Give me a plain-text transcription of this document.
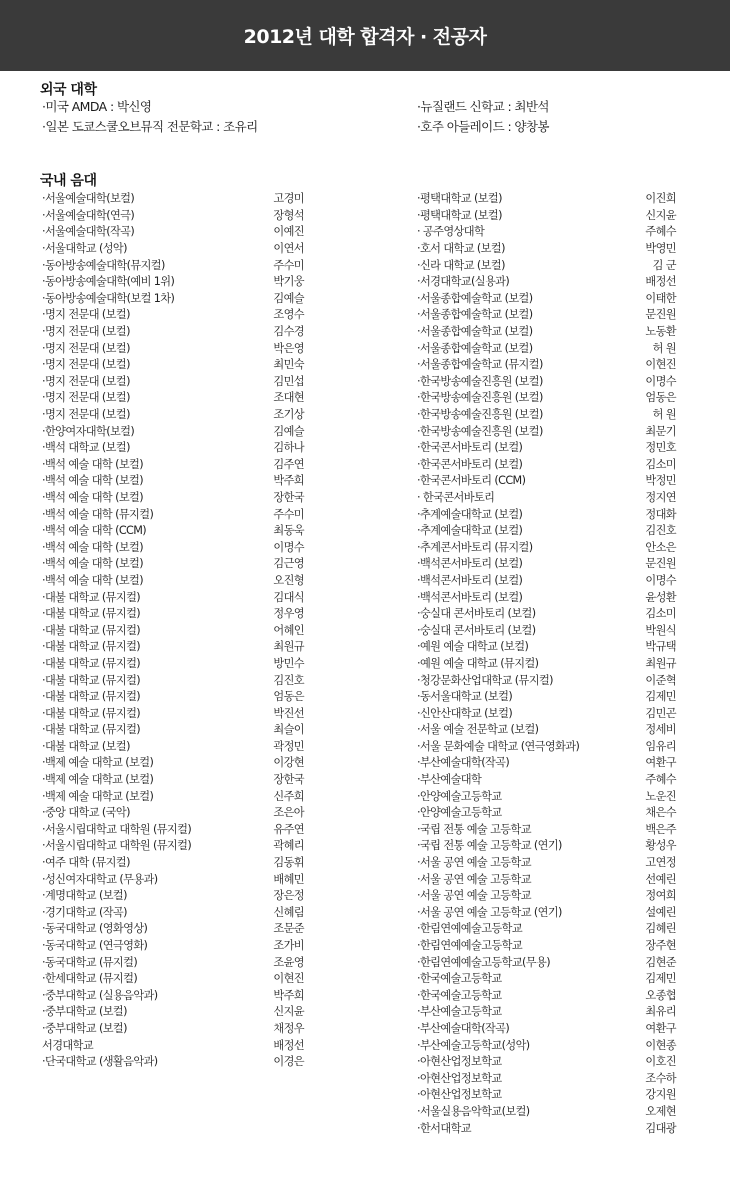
2012년 대학 합격자 · 전공자
외국 대학
·미국 AMDA : 박신영	·뉴질랜드 신학교 : 최반석
·일본 도쿄스쿨오브뮤직 전문학교 : 조유리	·호주 아들레이드 : 양창봉
국내 음대
·서울예술대학(보컬)	고경미
·서울예술대학(연극)	장형석
·서울예술대학(작곡)	이예진
·서울대학교 (성악)	이연서
·동아방송예술대학(뮤지컬)	주수미
·동아방송예술대학(예비 1위)	박기웅
·동아방송예술대학(보컬 1차)	김예슬
·명지 전문대 (보컬)	조영수
·명지 전문대 (보컬)	김수경
·명지 전문대 (보컬)	박은영
·명지 전문대 (보컬)	최민숙
·명지 전문대 (보컬)	김민섭
·명지 전문대 (보컬)	조대현
·명지 전문대 (보컬)	조기상
·한양여자대학(보컬)	김예슬
·백석 대학교 (보컬)	김하나
·백석 예술 대학 (보컬)	김주연
·백석 예술 대학 (보컬)	박주희
·백석 예술 대학 (보컬)	장한국
·백석 예술 대학 (뮤지컬)	주수미
·백석 예술 대학 (CCM)	최동욱
·백석 예술 대학 (보컬)	이명수
·백석 예술 대학 (보컬)	김근영
·백석 예술 대학 (보컬)	오진형
·대불 대학교 (뮤지컬)	김대식
·대불 대학교 (뮤지컬)	정우영
·대불 대학교 (뮤지컬)	어혜인
·대불 대학교 (뮤지컬)	최원규
·대불 대학교 (뮤지컬)	방민수
·대불 대학교 (뮤지컬)	김진호
·대불 대학교 (뮤지컬)	엄동은
·대불 대학교 (뮤지컬)	박진선
·대불 대학교 (뮤지컬)	최슬이
·대불 대학교 (보컬)	곽정민
·백제 예술 대학교 (보컬)	이강현
·백제 예술 대학교 (보컬)	장한국
·백제 예술 대학교 (보컬)	신주희
·중앙 대학교 (국악)	조은아
·서울시립대학교 대학원 (뮤지컬)	유주연
·서울시립대학교 대학원 (뮤지컬)	곽혜리
·여주 대학 (뮤지컬)	김동휘
·성신여자대학교 (무용과)	배혜민
·계명대학교 (보컬)	장은정
·경기대학교 (작곡)	신혜림
·동국대학교 (영화영상)	조문준
·동국대학교 (연극영화)	조가비
·동국대학교 (뮤지컬)	조윤영
·한세대학교 (뮤지컬)	이현진
·중부대학교 (실용음악과)	박주희
·중부대학교 (보컬)	신지윤
·중부대학교 (보컬)	채정우
서경대학교	배정선
·단국대학교 (생활음악과)	이경은
·평택대학교 (보컬)	이진희
·평택대학교 (보컬)	신지윤
· 공주영상대학	주혜수
·호서 대학교 (보컬)	박영민
·신라 대학교 (보컬)	김 군
·서경대학교(실용과)	배정선
·서울종합예술학교 (보컬)	이태한
·서울종합예술학교 (보컬)	문진원
·서울종합예술학교 (보컬)	노동환
·서울종합예술학교 (보컬)	허 원
·서울종합예술학교 (뮤지컬)	이현진
·한국방송예술진흥원 (보컬)	이명수
·한국방송예술진흥원 (보컬)	엄동은
·한국방송예술진흥원 (보컬)	허 원
·한국방송예술진흥원 (보컬)	최문기
·한국콘서바토리 (보컬)	정민호
·한국콘서바토리 (보컬)	김소미
·한국콘서바토리 (CCM)	박정민
· 한국콘서바토리	정지연
·추계예술대학교 (보컬)	정대화
·추계예술대학교 (보컬)	김진호
·추계콘서바토리 (뮤지컬)	안소은
·백석콘서바토리 (보컬)	문진원
·백석콘서바토리 (보컬)	이명수
·백석콘서바토리 (보컬)	윤성환
·숭실대 콘서바토리 (보컬)	김소미
·숭실대 콘서바토리 (보컬)	박원식
·예원 예술 대학교 (보컬)	박규택
·예원 예술 대학교 (뮤지컬)	최원규
·청강문화산업대학교 (뮤지컬)	이준혁
·동서울대학교 (보컬)	김제민
·신안산대학교 (보컬)	김민곤
·서울 예술 전문학교 (보컬)	정세비
·서울 문화예술 대학교 (연극영화과)	임유리
·부산예술대학(작곡)	여환구
·부산예술대학	주혜수
·안양예술고등학교	노운진
·안양예술고등학교	채은수
·국립 전통 예술 고등학교	백은주
·국립 전통 예술 고등학교 (연기)	황성우
·서울 공연 예술 고등학교	고연정
·서울 공연 예술 고등학교	선예린
·서울 공연 예술 고등학교	정여희
·서울 공연 예술 고등학교 (연기)	설예린
·한림연예예술고등학교	김혜린
·한림연예예술고등학교	장주현
·한림연예예술고등학교(무용)	김현준
·한국예술고등학교	김제민
·한국예술고등학교	오종협
·부산예술고등학교	최유리
·부산예술대학(작곡)	여환구
·부산예술고등학교(성악)	이현종
·아현산업정보학교	이호진
·아현산업정보학교	조수하
·아현산업정보학교	강지원
·서울실용음악학교(보컬)	오제현
·한서대학교	김대광
